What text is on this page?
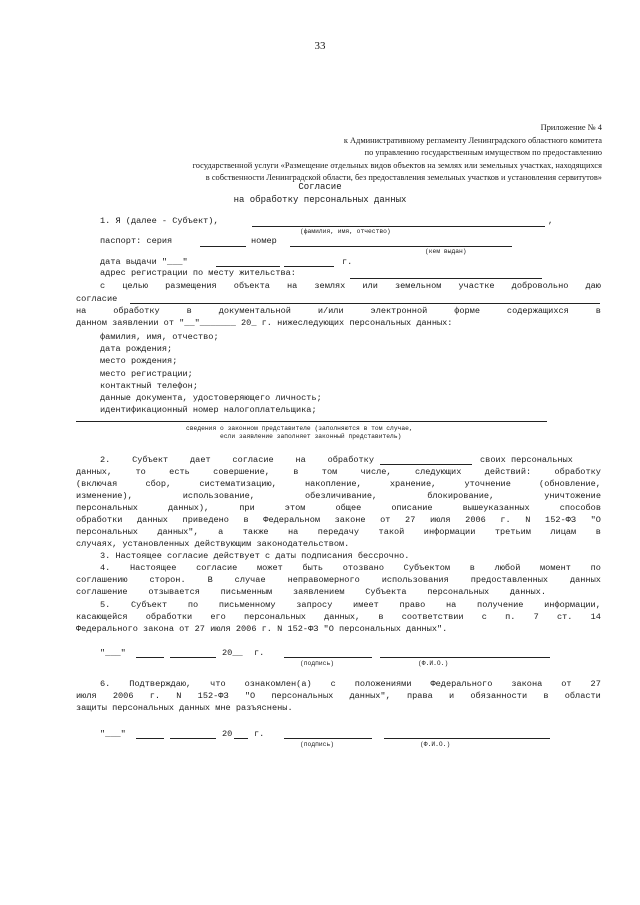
33
Приложение № 4
к Административному регламенту Ленинградского областного комитета
по управлению государственным имуществом по предоставлению
государственной услуги «Размещение отдельных видов объектов на землях или земельных участках, находящихся
в собственности Ленинградской области, без предоставления земельных участков и установления сервитутов»
Согласие
на обработку персональных данных
1. Я (далее - Субъект),	,
(фамилия, имя, отчество)
паспорт: серия	номер
(кем выдан)
дата выдачи "___"	г.
адрес регистрации по месту жительства:
с целью размещения объекта на землях или земельном участке добровольно даю
согласие
на	обработку	в	документальной	и/или	электронной	форме	содержащихся	в
данном заявлении от "__"_______ 20_ г. нижеследующих персональных данных:
фамилия, имя, отчество;
дата рождения;
место рождения;
место регистрации;
контактный телефон;
данные документа, удостоверяющего личность;
идентификационный номер налогоплательщика;
сведения о законном представителе (заполняются в том случае,
если заявление заполняет законный представитель)
2.	Субъект	дает	согласие	на	обработку	своих персональных
данных,	то	есть	совершение,	в	том	числе,	следующих	действий:	обработку
(включая	сбор,	систематизацию,	накопление,	хранение,	уточнение	(обновление,
изменение),	использование,	обезличивание,	блокирование,	уничтожение
персональных	данных),	при	этом	общее	описание	вышеуказанных	способов
обработки данных приведено в Федеральном законе от 27 июля 2006 г. N 152-ФЗ "О
персональных данных", а также на передачу такой информации третьим лицам в
случаях, установленных действующим законодательством.
3. Настоящее согласие действует с даты подписания бессрочно.
4. Настоящее согласие может быть отозвано Субъектом в любой момент по
соглашению	сторон.	В	случае	неправомерного	использования	предоставленных	данных
соглашение отзывается письменным заявлением Субъекта персональных данных.
5. Субъект по письменному запросу имеет право на получение информации,
касающейся обработки его персональных данных, в соответствии с п. 7 ст. 14
Федерального закона от 27 июля 2006 г. N 152-ФЗ "О персональных данных".
"___"	20__ г.
(подпись)	(Ф.И.О.)
6. Подтверждаю, что ознакомлен(а) с положениями Федерального закона от 27
июля 2006 г. N 152-ФЗ "О персональных данных", права и обязанности в области
защиты персональных данных мне разъяснены.
"___"	20	г.
(подпись)	(Ф.И.О.)
